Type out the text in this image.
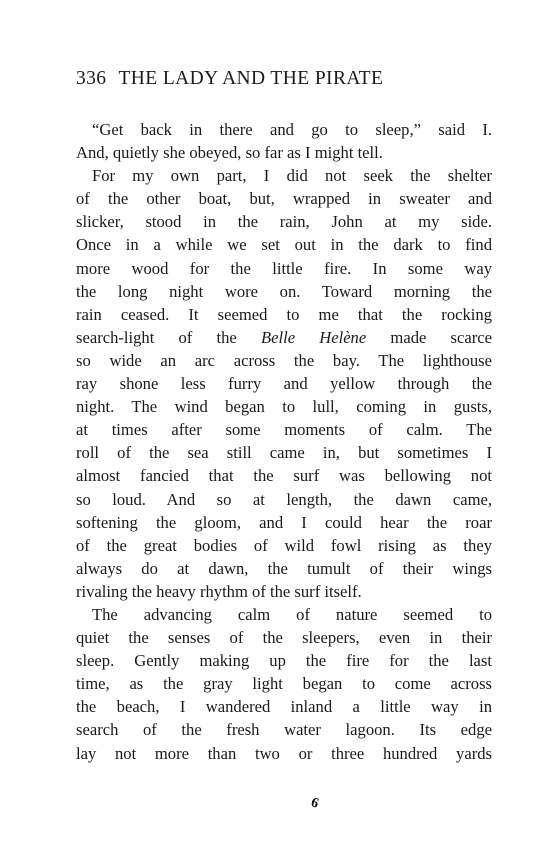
336 THE LADY AND THE PIRATE
“Get back in there and go to sleep,” said I.
And, quietly she obeyed, so far as I might tell.
For my own part, I did not seek the shelter
of the other boat, but, wrapped in sweater and
slicker, stood in the rain, John at my side.
Once in a while we set out in the dark to find
more wood for the little fire. In some way
the long night wore on. Toward morning the
rain ceased. It seemed to me that the rocking
search-light of the Belle Helène made scarce
so wide an arc across the bay. The lighthouse
ray shone less furry and yellow through the
night. The wind began to lull, coming in gusts,
at times after some moments of calm. The
roll of the sea still came in, but sometimes I
almost fancied that the surf was bellowing not
so loud. And so at length, the dawn came,
softening the gloom, and I could hear the roar
of the great bodies of wild fowl rising as they
always do at dawn, the tumult of their wings
rivaling the heavy rhythm of the surf itself.
The advancing calm of nature seemed to
quiet the senses of the sleepers, even in their
sleep. Gently making up the fire for the last
time, as the gray light began to come across
the beach, I wandered inland a little way in
search of the fresh water lagoon. Its edge
lay not more than two or three hundred yards
6
